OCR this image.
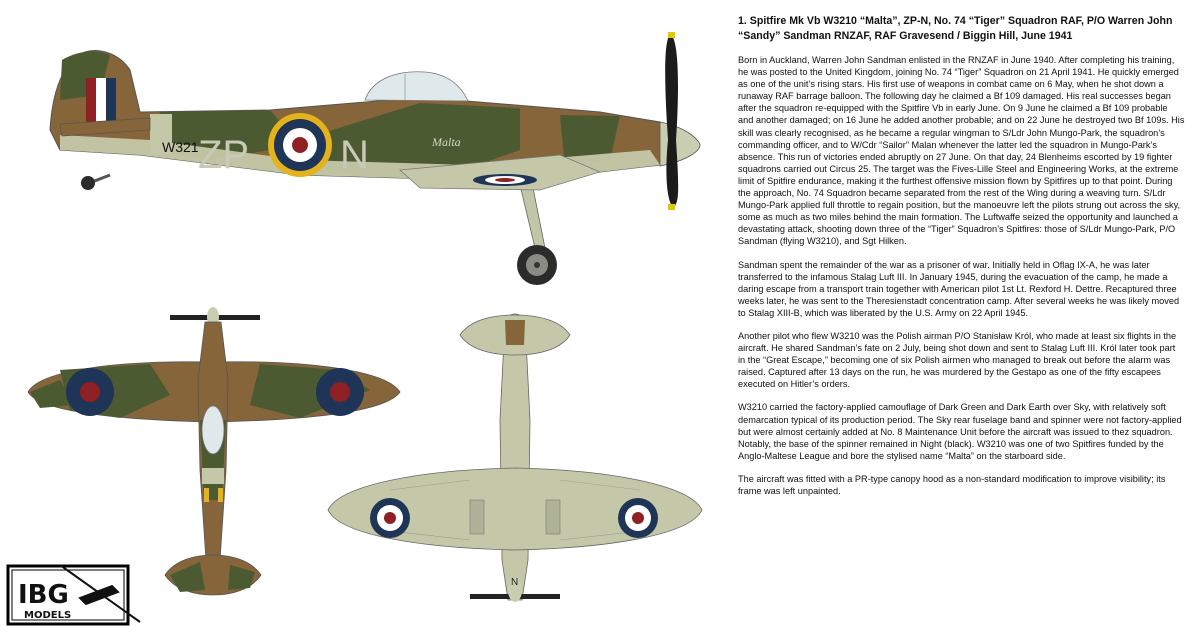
ZP N
W321	Malta
N
IBG
MODELS

1. Spitfire Mk Vb W3210 “Malta”, ZP-N, No. 74 “Tiger” Squadron RAF, P/O Warren John “Sandy” Sandman RNZAF, RAF Gravesend / Biggin Hill, June 1941

Born in Auckland, Warren John Sandman enlisted in the RNZAF in June 1940. After completing his training, he was posted to the United Kingdom, joining No. 74 “Tiger” Squadron on 21 April 1941. He quickly emerged as one of the unit’s rising stars. His first use of weapons in combat came on 6 May, when he shot down a runaway RAF barrage balloon. The following day he claimed a Bf 109 damaged. His real successes began after the squadron re-equipped with the Spitfire Vb in early June. On 9 June he claimed a Bf 109 probable and another damaged; on 16 June he added another probable; and on 22 June he destroyed two Bf 109s. His skill was clearly recognised, as he became a regular wingman to S/Ldr John Mungo-Park, the squadron’s commanding officer, and to W/Cdr “Sailor” Malan whenever the latter led the squadron in Mungo-Park’s absence. This run of victories ended abruptly on 27 June. On that day, 24 Blenheims escorted by 19 fighter squadrons carried out Circus 25. The target was the Fives-Lille Steel and Engineering Works, at the extreme limit of Spitfire endurance, making it the furthest offensive mission flown by Spitfires up to that point. During the approach, No. 74 Squadron became separated from the rest of the Wing during a weaving turn. S/Ldr Mungo-Park applied full throttle to regain position, but the manoeuvre left the pilots strung out across the sky, some as much as two miles behind the main formation. The Luftwaffe seized the opportunity and launched a devastating attack, shooting down three of the “Tiger” Squadron’s Spitfires: those of S/Ldr Mungo-Park, P/O Sandman (flying W3210), and Sgt Hilken.

Sandman spent the remainder of the war as a prisoner of war. Initially held in Oflag IX-A, he was later transferred to the infamous Stalag Luft III. In January 1945, during the evacuation of the camp, he made a daring escape from a transport train together with American pilot 1st Lt. Rexford H. Dettre. Recaptured three weeks later, he was sent to the Theresienstadt concentration camp. After several weeks he was likely moved to Stalag XIII-B, which was liberated by the U.S. Army on 22 April 1945.

Another pilot who flew W3210 was the Polish airman P/O Stanisław Król, who made at least six flights in the aircraft. He shared Sandman’s fate on 2 July, being shot down and sent to Stalag Luft III. Król later took part in the “Great Escape,” becoming one of six Polish airmen who managed to break out before the alarm was raised. Captured after 13 days on the run, he was murdered by the Gestapo as one of the fifty escapees executed on Hitler’s orders.

W3210 carried the factory-applied camouflage of Dark Green and Dark Earth over Sky, with relatively soft demarcation typical of its production period. The Sky rear fuselage band and spinner were not factory-applied but were almost certainly added at No. 8 Maintenance Unit before the aircraft was issued to thez squadron. Notably, the base of the spinner remained in Night (black). W3210 was one of two Spitfires funded by the Anglo-Maltese League and bore the stylised name “Malta” on the starboard side.

The aircraft was fitted with a PR-type canopy hood as a non-standard modification to improve visibility; its frame was left unpainted.
